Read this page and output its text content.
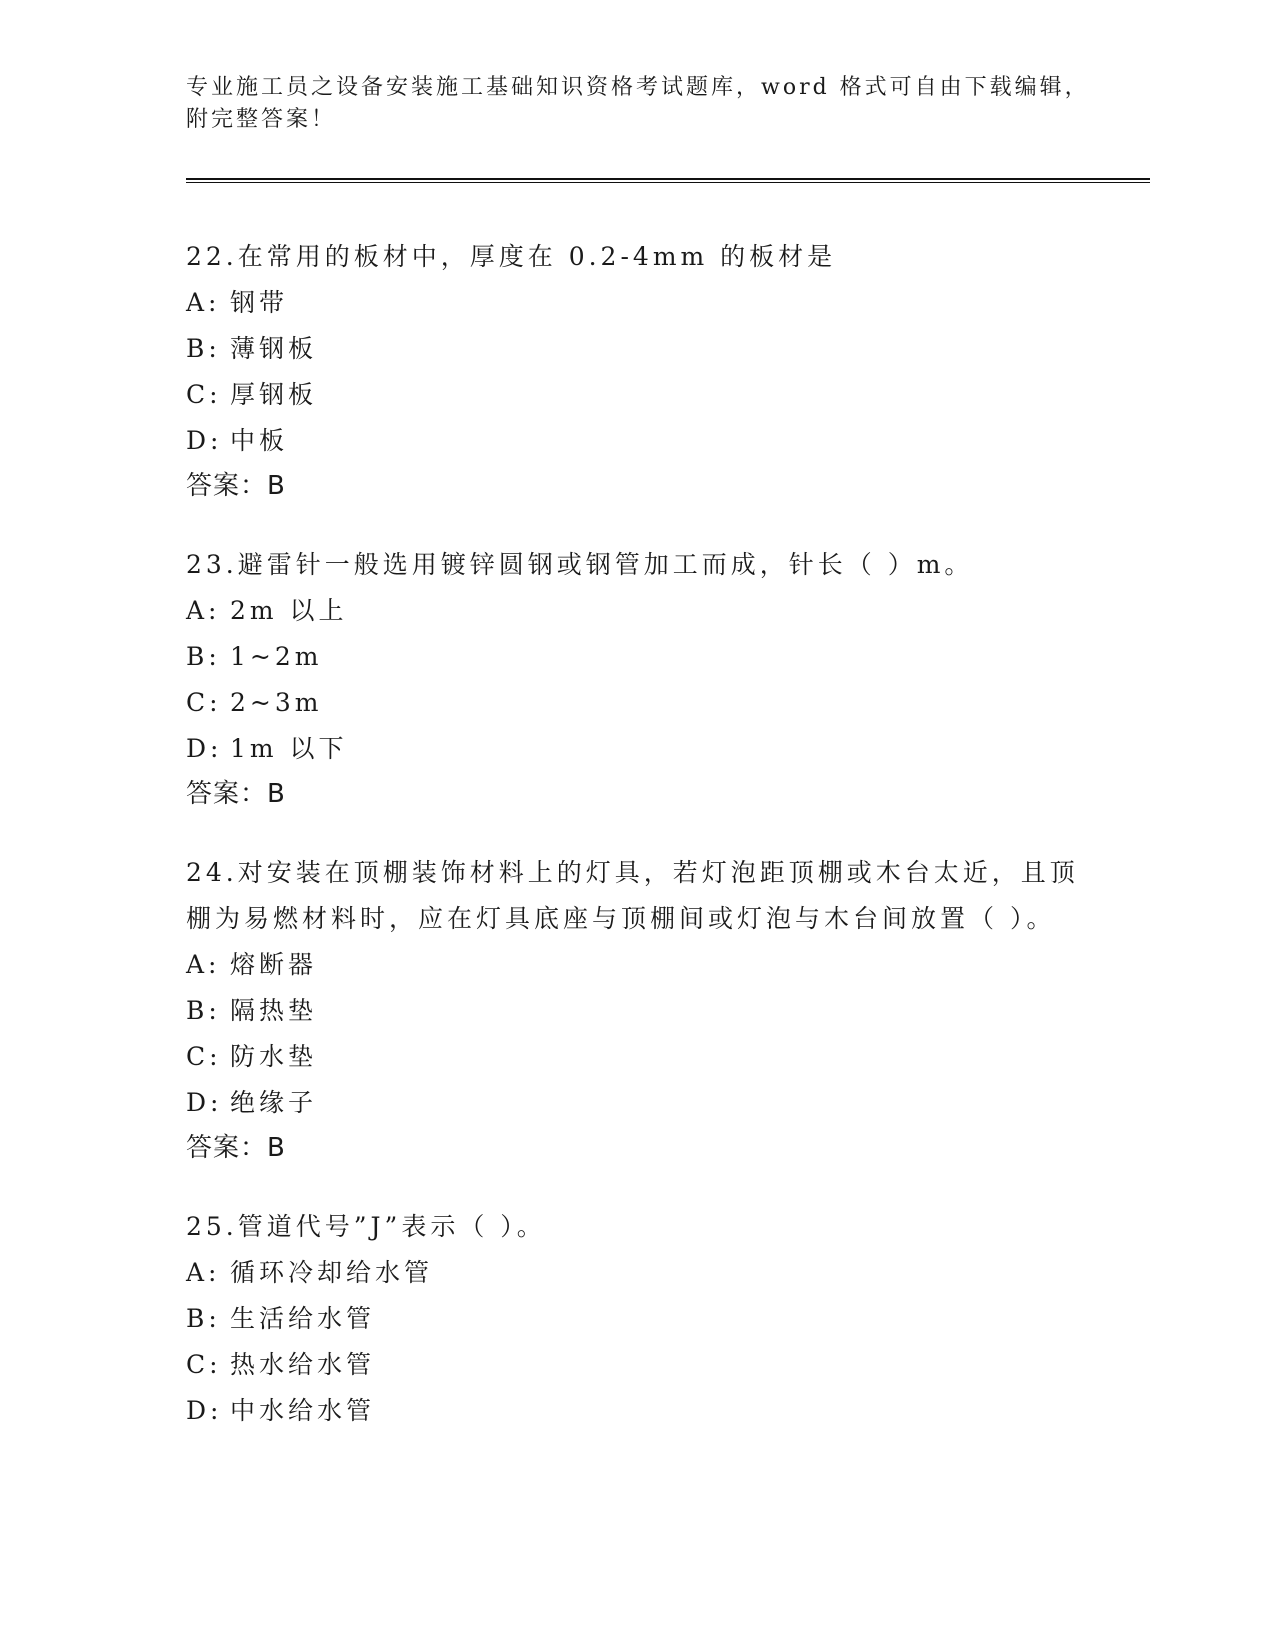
专业施工员之设备安装施工基础知识资格考试题库，word 格式可自由下载编辑，
附完整答案！
22.在常用的板材中，厚度在 0.2-4mm 的板材是
A: 钢带
B: 薄钢板
C: 厚钢板
D: 中板
答案：B
23.避雷针一般选用镀锌圆钢或钢管加工而成，针长（ ）m。
A: 2m 以上
B: 1~2m
C: 2~3m
D: 1m 以下
答案：B
24.对安装在顶棚装饰材料上的灯具，若灯泡距顶棚或木台太近，且顶
棚为易燃材料时，应在灯具底座与顶棚间或灯泡与木台间放置（ ）。
A: 熔断器
B: 隔热垫
C: 防水垫
D: 绝缘子
答案：B
25.管道代号”J”表示（ ）。
A: 循环冷却给水管
B: 生活给水管
C: 热水给水管
D: 中水给水管
